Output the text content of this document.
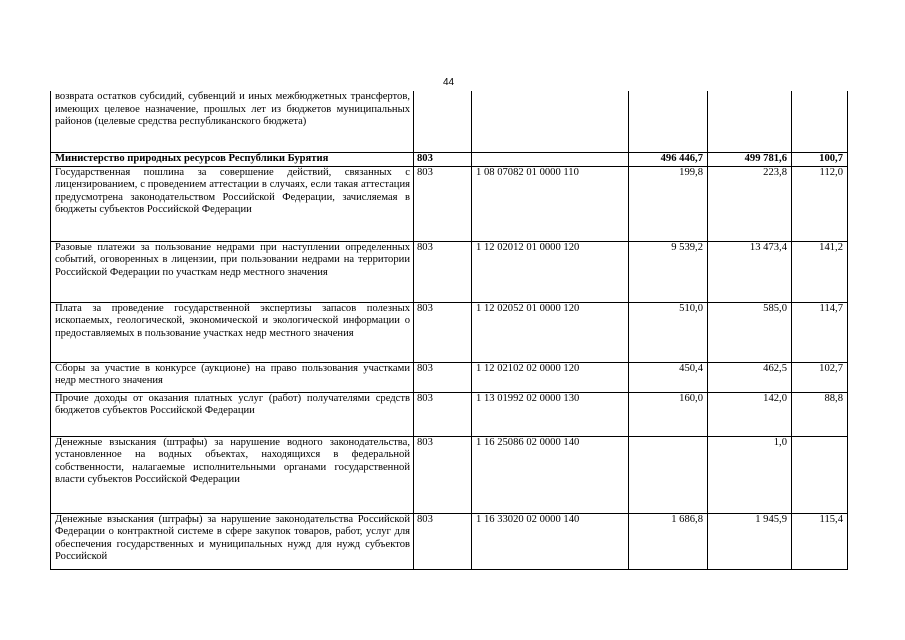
44
возврата остатков субсидий, субвенций и иных межбюджетных трансфертов, имеющих целевое назначение, прошлых лет из бюджетов муниципальных районов (целевые средства республиканского бюджета)					
Министерство природных ресурсов Республики Бурятия	803		496 446,7	499 781,6	100,7
Государственная пошлина за совершение действий, связанных с лицензированием, с проведением аттестации в случаях, если такая аттестация предусмотрена законодательством Российской Федерации, зачисляемая в бюджеты субъектов Российской Федерации	803	1 08 07082 01 0000 110	199,8	223,8	112,0
Разовые платежи за пользование недрами при наступлении определенных событий, оговоренных в лицензии, при пользовании недрами на территории Российской Федерации по участкам недр местного значения	803	1 12 02012 01 0000 120	9 539,2	13 473,4	141,2
Плата за проведение государственной экспертизы запасов полезных ископаемых, геологической, экономической и экологической информации о предоставляемых в пользование участках недр местного значения	803	1 12 02052 01 0000 120	510,0	585,0	114,7
Сборы за участие в конкурсе (аукционе) на право пользования участками недр местного значения	803	1 12 02102 02 0000 120	450,4	462,5	102,7
Прочие доходы от оказания платных услуг (работ) получателями средств бюджетов субъектов Российской Федерации	803	1 13 01992 02 0000 130	160,0	142,0	88,8
Денежные взыскания (штрафы) за нарушение водного законодательства, установленное на водных объектах, находящихся в федеральной собственности, налагаемые исполнительными органами государственной власти субъектов Российской Федерации	803	1 16 25086 02 0000 140		1,0	
Денежные взыскания (штрафы) за нарушение законодательства Российской Федерации о контрактной системе в сфере закупок товаров, работ, услуг для обеспечения государственных и муниципальных нужд для нужд субъектов Российской	803	1 16 33020 02 0000 140	1 686,8	1 945,9	115,4
